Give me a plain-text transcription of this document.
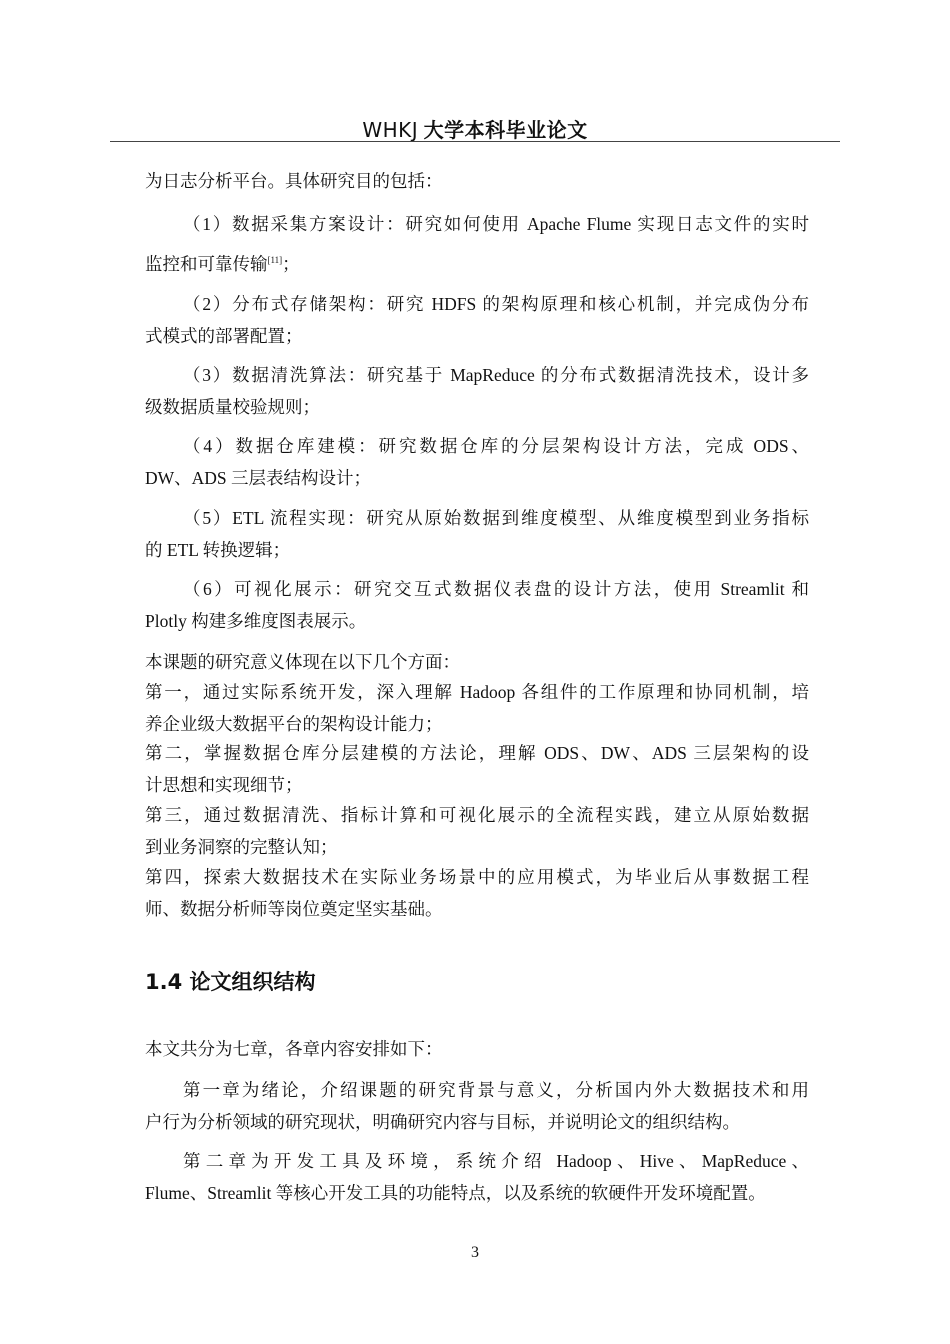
WHKJ 大学本科毕业论文
为日志分析平台。具体研究目的包括：
（1）数据采集方案设计：研究如何使用 Apache Flume 实现日志文件的实时
监控和可靠传输[11]；
（2）分布式存储架构：研究 HDFS 的架构原理和核心机制，并完成伪分布
式模式的部署配置；
（3）数据清洗算法：研究基于 MapReduce 的分布式数据清洗技术，设计多
级数据质量校验规则；
（4）数据仓库建模：研究数据仓库的分层架构设计方法，完成 ODS、
DW、ADS 三层表结构设计；
（5）ETL 流程实现：研究从原始数据到维度模型、从维度模型到业务指标
的 ETL 转换逻辑；
（6）可视化展示：研究交互式数据仪表盘的设计方法，使用 Streamlit 和
Plotly 构建多维度图表展示。
本课题的研究意义体现在以下几个方面：
第一，通过实际系统开发，深入理解 Hadoop 各组件的工作原理和协同机制，培
养企业级大数据平台的架构设计能力；
第二，掌握数据仓库分层建模的方法论，理解 ODS、DW、ADS 三层架构的设
计思想和实现细节；
第三，通过数据清洗、指标计算和可视化展示的全流程实践，建立从原始数据
到业务洞察的完整认知；
第四，探索大数据技术在实际业务场景中的应用模式，为毕业后从事数据工程
师、数据分析师等岗位奠定坚实基础。
1.4 论文组织结构
本文共分为七章，各章内容安排如下：
第一章为绪论，介绍课题的研究背景与意义，分析国内外大数据技术和用
户行为分析领域的研究现状，明确研究内容与目标，并说明论文的组织结构。
第二章为开发工具及环境，系统介绍 Hadoop、Hive、MapReduce、
Flume、Streamlit 等核心开发工具的功能特点，以及系统的软硬件开发环境配置。
3
